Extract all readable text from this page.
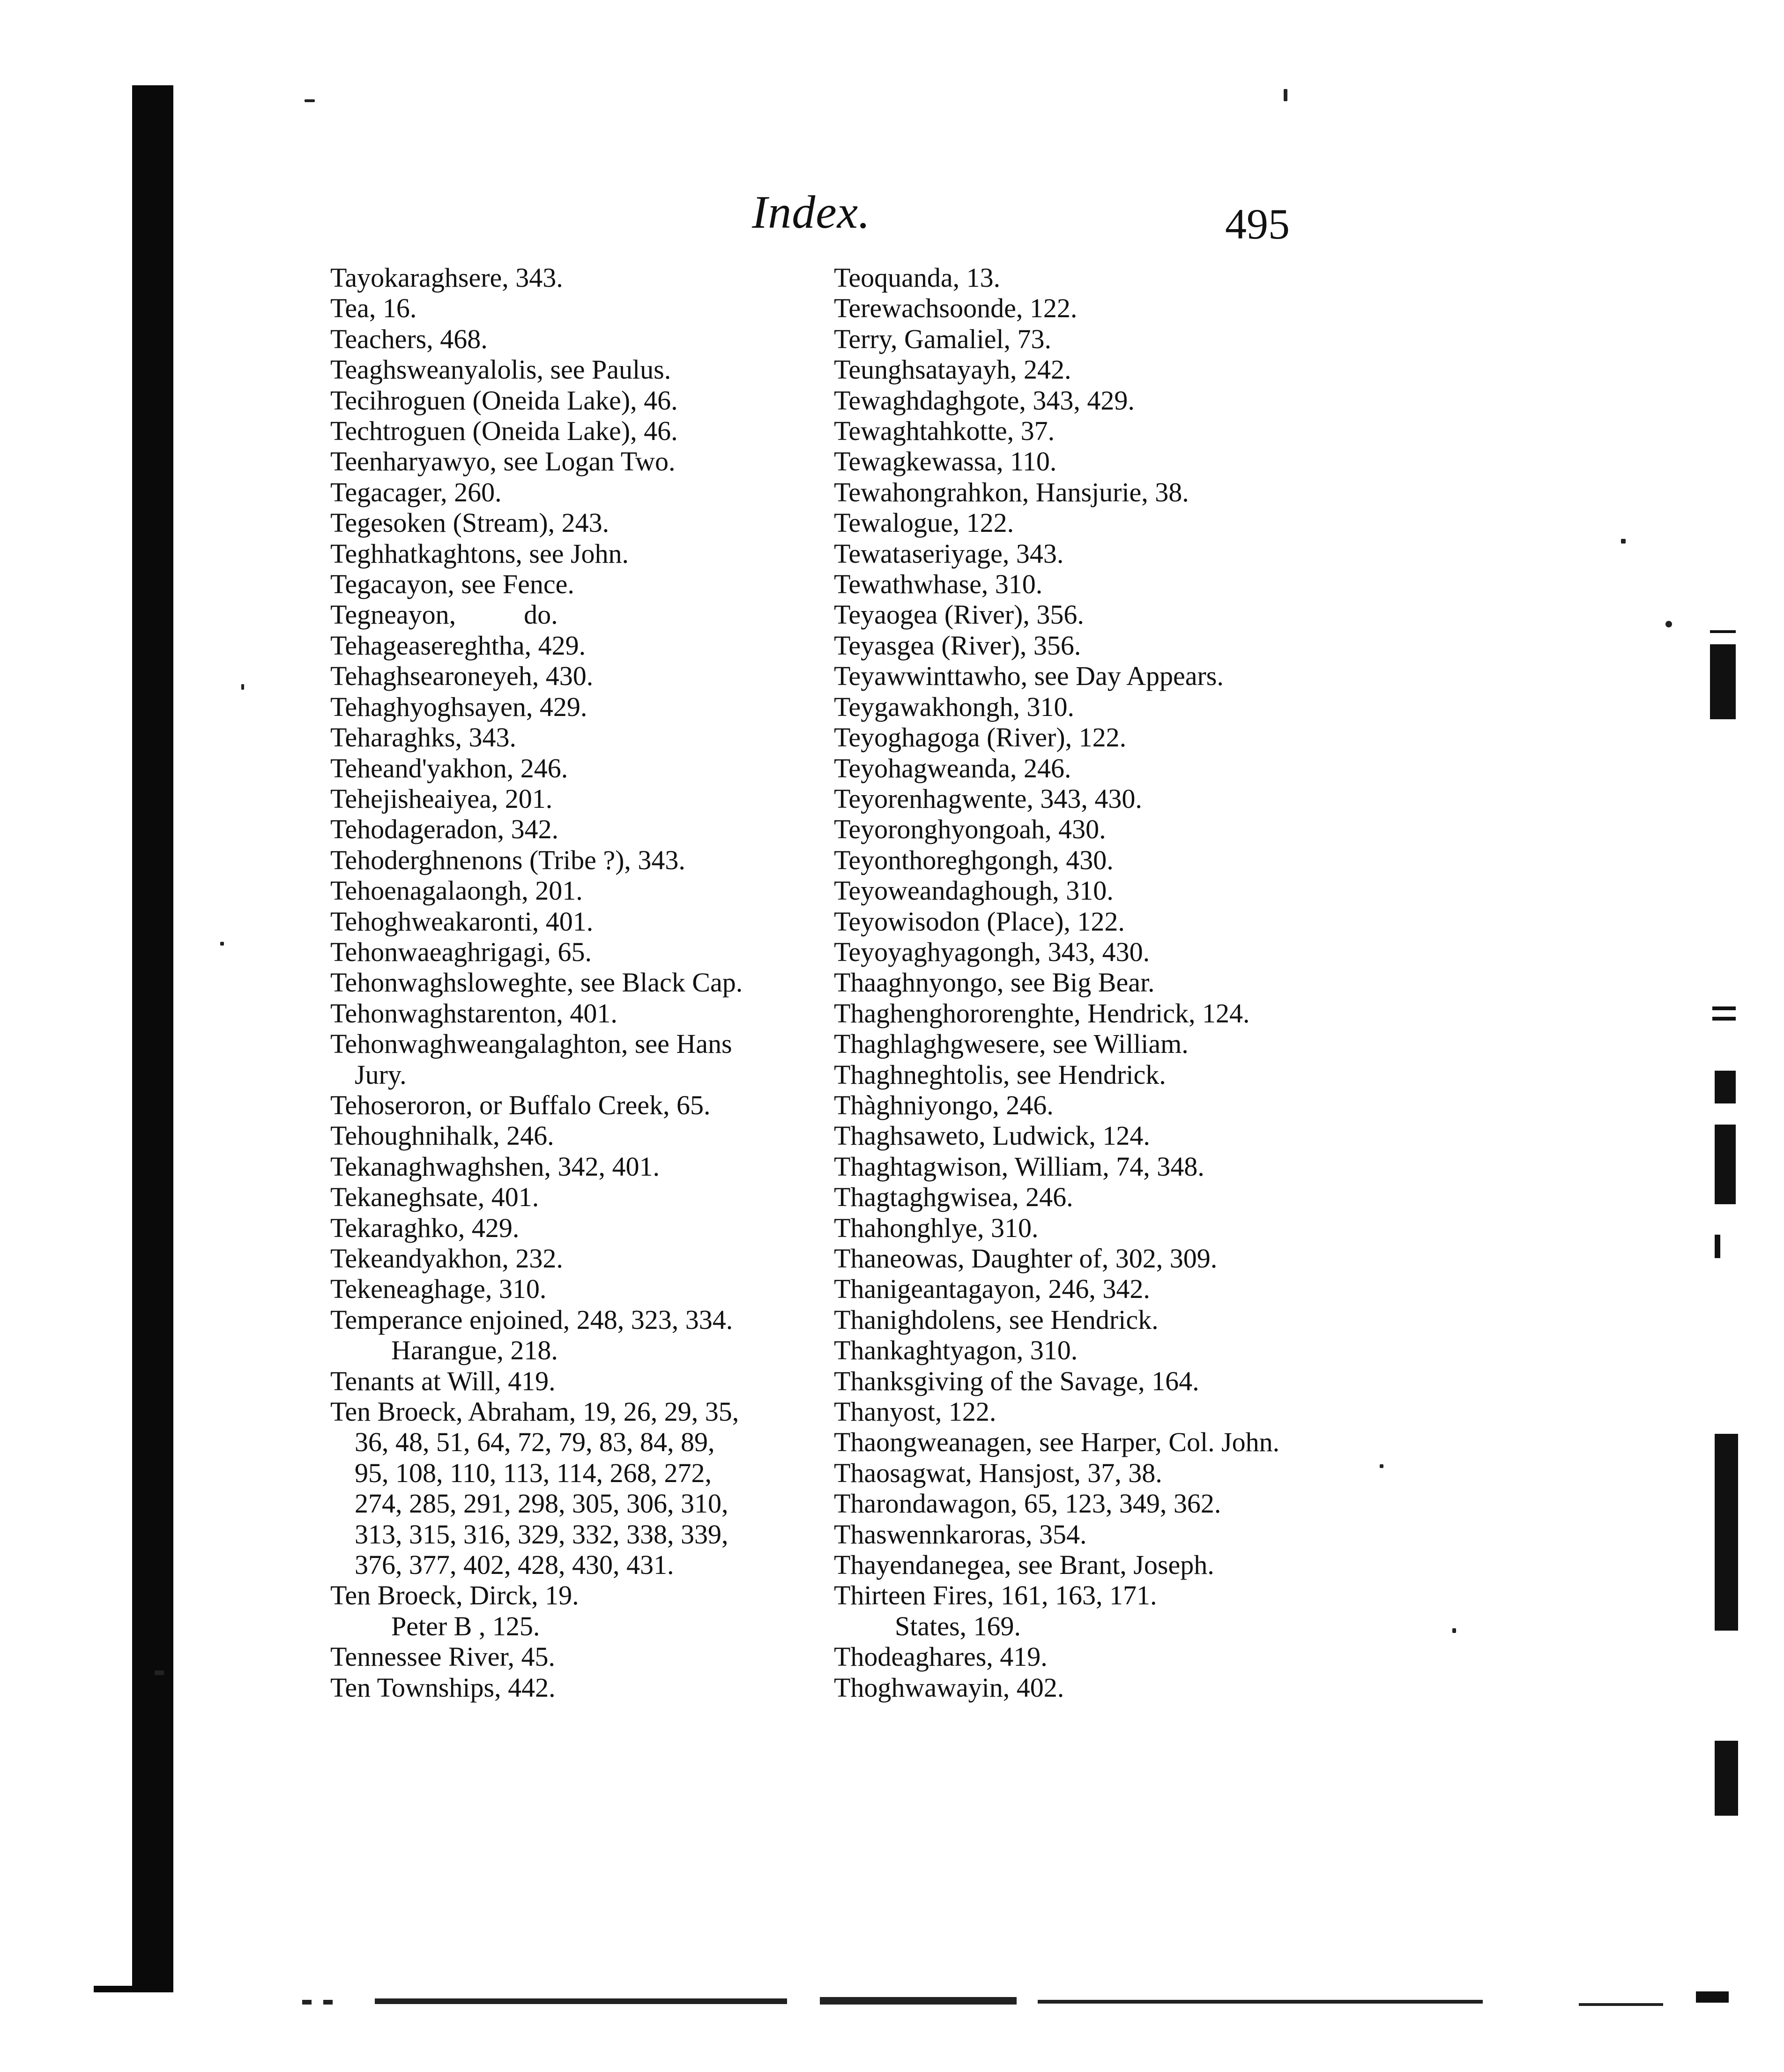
Index.	495
Tayokaraghsere, 343.
Tea, 16.
Teachers, 468.
Teaghsweanyalolis, see Paulus.
Tecihroguen (Oneida Lake), 46.
Techtroguen (Oneida Lake), 46.
Teenharyawyo, see Logan Two.
Tegacager, 260.
Tegesoken (Stream), 243.
Teghhatkaghtons, see John.
Tegacayon, see Fence.
Tegneayon,          do.
Tehageasereghtha, 429.
Tehaghsearoneyeh, 430.
Tehaghyoghsayen, 429.
Teharaghks, 343.
Teheand'yakhon, 246.
Tehejisheaiyea, 201.
Tehodageradon, 342.
Tehoderghnenons (Tribe ?), 343.
Tehoenagalaongh, 201.
Tehoghweakaronti, 401.
Tehonwaeaghrigagi, 65.
Tehonwaghsloweghte, see Black Cap.
Tehonwaghstarenton, 401.
Tehonwaghweangalaghton, see Hans
Jury.
Tehoseroron, or Buffalo Creek, 65.
Tehoughnihalk, 246.
Tekanaghwaghshen, 342, 401.
Tekaneghsate, 401.
Tekaraghko, 429.
Tekeandyakhon, 232.
Tekeneaghage, 310.
Temperance enjoined, 248, 323, 334.
Harangue, 218.
Tenants at Will, 419.
Ten Broeck, Abraham, 19, 26, 29, 35,
36, 48, 51, 64, 72, 79, 83, 84, 89,
95, 108, 110, 113, 114, 268, 272,
274, 285, 291, 298, 305, 306, 310,
313, 315, 316, 329, 332, 338, 339,
376, 377, 402, 428, 430, 431.
Ten Broeck, Dirck, 19.
Peter B , 125.
Tennessee River, 45.
Ten Townships, 442.
Teoquanda, 13.
Terewachsoonde, 122.
Terry, Gamaliel, 73.
Teunghsatayayh, 242.
Tewaghdaghgote, 343, 429.
Tewaghtahkotte, 37.
Tewagkewassa, 110.
Tewahongrahkon, Hansjurie, 38.
Tewalogue, 122.
Tewataseriyage, 343.
Tewathwhase, 310.
Teyaogea (River), 356.
Teyasgea (River), 356.
Teyawwinttawho, see Day Appears.
Teygawakhongh, 310.
Teyoghagoga (River), 122.
Teyohagweanda, 246.
Teyorenhagwente, 343, 430.
Teyoronghyongoah, 430.
Teyonthoreghgongh, 430.
Teyoweandaghough, 310.
Teyowisodon (Place), 122.
Teyoyaghyagongh, 343, 430.
Thaaghnyongo, see Big Bear.
Thaghenghororenghte, Hendrick, 124.
Thaghlaghgwesere, see William.
Thaghneghtolis, see Hendrick.
Thàghniyongo, 246.
Thaghsaweto, Ludwick, 124.
Thaghtagwison, William, 74, 348.
Thagtaghgwisea, 246.
Thahonghlye, 310.
Thaneowas, Daughter of, 302, 309.
Thanigeantagayon, 246, 342.
Thanighdolens, see Hendrick.
Thankaghtyagon, 310.
Thanksgiving of the Savage, 164.
Thanyost, 122.
Thaongweanagen, see Harper, Col. John.
Thaosagwat, Hansjost, 37, 38.
Tharondawagon, 65, 123, 349, 362.
Thaswennkaroras, 354.
Thayendanegea, see Brant, Joseph.
Thirteen Fires, 161, 163, 171.
States, 169.
Thodeaghares, 419.
Thoghwawayin, 402.
